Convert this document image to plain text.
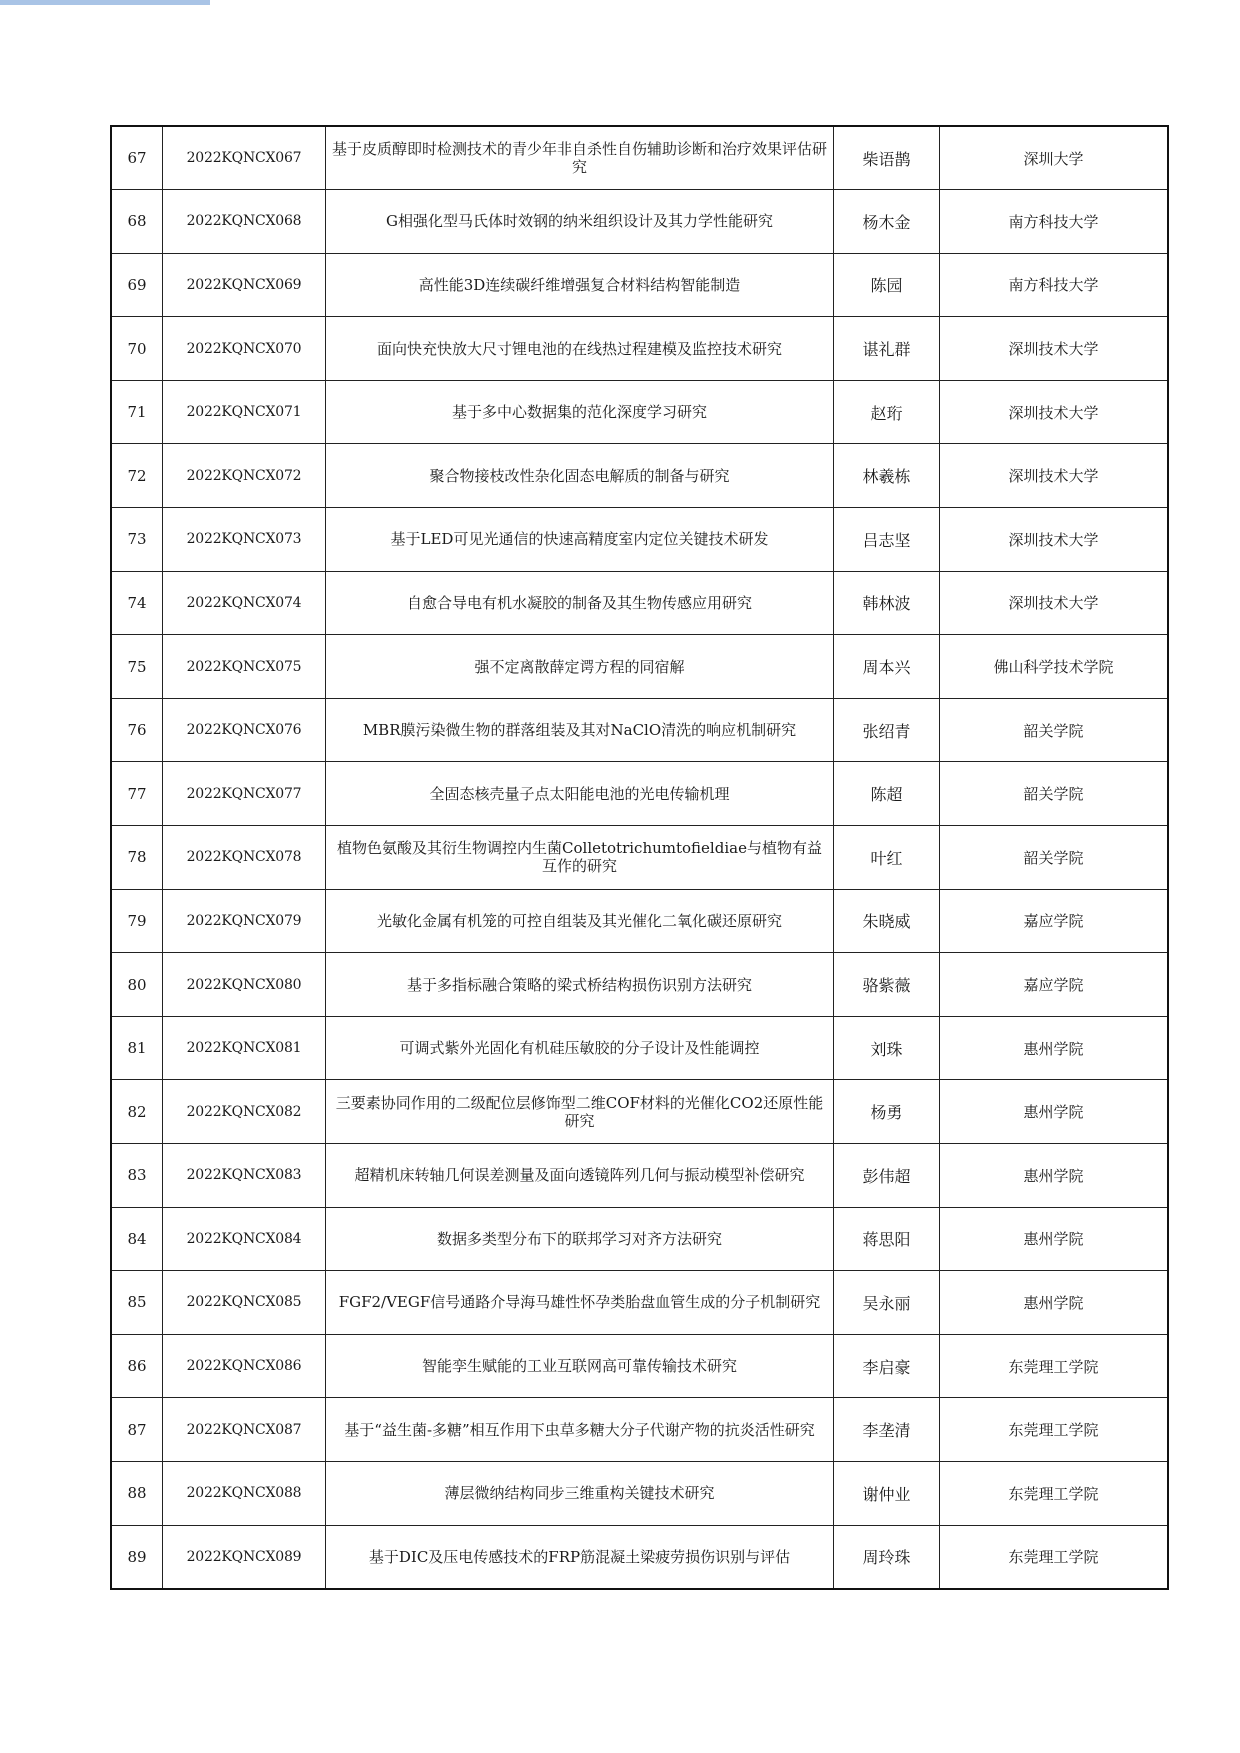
67	2022KQNCX067	基于皮质醇即时检测技术的青少年非自杀性自伤辅助诊断和治疗效果评估研究	柴语鹊	深圳大学
68	2022KQNCX068	G相强化型马氏体时效钢的纳米组织设计及其力学性能研究	杨木金	南方科技大学
69	2022KQNCX069	高性能3D连续碳纤维增强复合材料结构智能制造	陈园	南方科技大学
70	2022KQNCX070	面向快充快放大尺寸锂电池的在线热过程建模及监控技术研究	谌礼群	深圳技术大学
71	2022KQNCX071	基于多中心数据集的范化深度学习研究	赵珩	深圳技术大学
72	2022KQNCX072	聚合物接枝改性杂化固态电解质的制备与研究	林羲栋	深圳技术大学
73	2022KQNCX073	基于LED可见光通信的快速高精度室内定位关键技术研发	吕志坚	深圳技术大学
74	2022KQNCX074	自愈合导电有机水凝胶的制备及其生物传感应用研究	韩林波	深圳技术大学
75	2022KQNCX075	强不定离散薛定谔方程的同宿解	周本兴	佛山科学技术学院
76	2022KQNCX076	MBR膜污染微生物的群落组装及其对NaClO清洗的响应机制研究	张绍青	韶关学院
77	2022KQNCX077	全固态核壳量子点太阳能电池的光电传输机理	陈超	韶关学院
78	2022KQNCX078	植物色氨酸及其衍生物调控内生菌Colletotrichumtofieldiae与植物有益互作的研究	叶红	韶关学院
79	2022KQNCX079	光敏化金属有机笼的可控自组装及其光催化二氧化碳还原研究	朱晓威	嘉应学院
80	2022KQNCX080	基于多指标融合策略的梁式桥结构损伤识别方法研究	骆紫薇	嘉应学院
81	2022KQNCX081	可调式紫外光固化有机硅压敏胶的分子设计及性能调控	刘珠	惠州学院
82	2022KQNCX082	三要素协同作用的二级配位层修饰型二维COF材料的光催化CO2还原性能研究	杨勇	惠州学院
83	2022KQNCX083	超精机床转轴几何误差测量及面向透镜阵列几何与振动模型补偿研究	彭伟超	惠州学院
84	2022KQNCX084	数据多类型分布下的联邦学习对齐方法研究	蒋思阳	惠州学院
85	2022KQNCX085	FGF2/VEGF信号通路介导海马雄性怀孕类胎盘血管生成的分子机制研究	吴永丽	惠州学院
86	2022KQNCX086	智能孪生赋能的工业互联网高可靠传输技术研究	李启豪	东莞理工学院
87	2022KQNCX087	基于“益生菌-多糖”相互作用下虫草多糖大分子代谢产物的抗炎活性研究	李垄清	东莞理工学院
88	2022KQNCX088	薄层微纳结构同步三维重构关键技术研究	谢仲业	东莞理工学院
89	2022KQNCX089	基于DIC及压电传感技术的FRP筋混凝土梁疲劳损伤识别与评估	周玲珠	东莞理工学院
